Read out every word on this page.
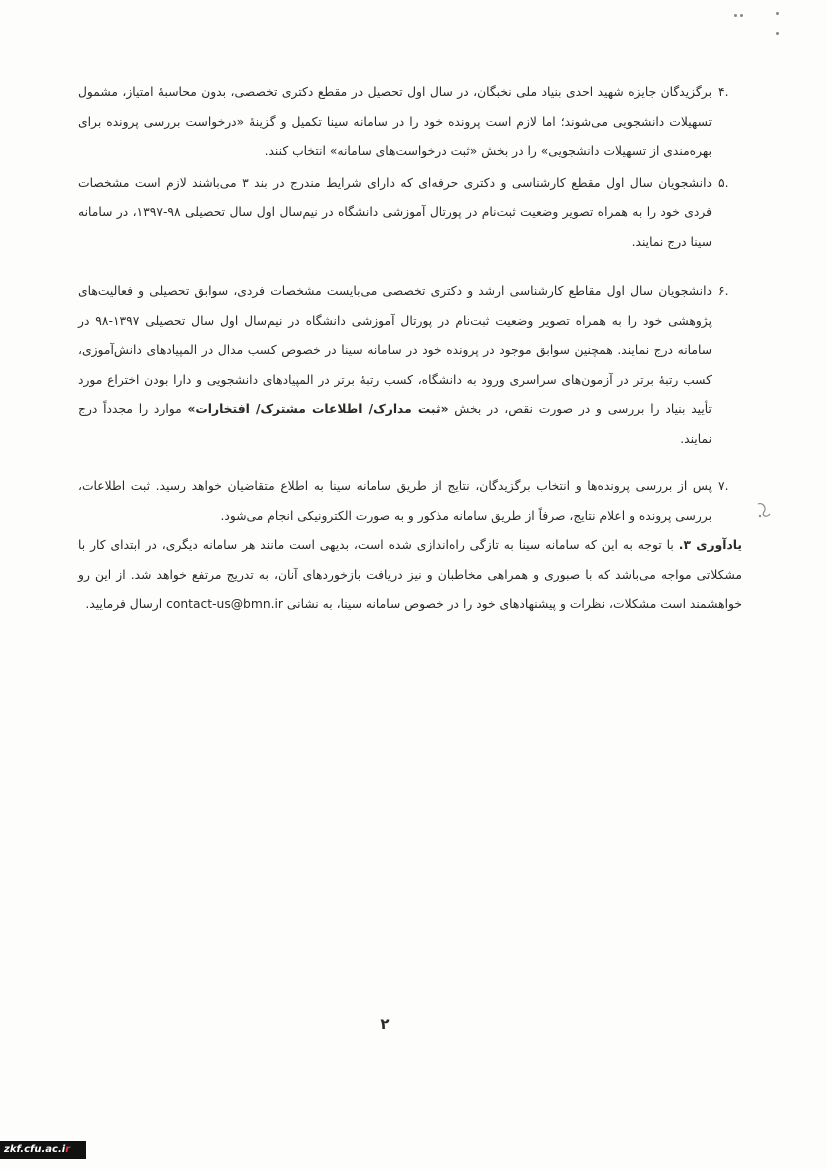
۴.

برگزیدگان جایزه شهید احدی بنیاد ملی نخبگان، در سال اول تحصیل در مقطع دکتری تخصصی، بدون محاسبۀ امتیاز، مشمول تسهیلات دانشجویی می‌شوند؛ اما لازم است پرونده خود را در سامانه سینا تکمیل و گزینۀ «درخواست بررسی پرونده برای بهره‌مندی از تسهیلات دانشجویی» را در بخش «ثبت درخواست‌های سامانه» انتخاب کنند.

۵.

دانشجویان سال اول مقطع کارشناسی و دکتری حرفه‌ای که دارای شرایط مندرج در بند ۳ می‌باشند لازم است مشخصات فردی خود را به همراه تصویر وضعیت ثبت‌نام در پورتال آموزشی دانشگاه در نیم‌سال اول سال تحصیلی ۹۸-۱۳۹۷، در سامانه سینا درج نمایند.

۶.

دانشجویان سال اول مقاطع کارشناسی ارشد و دکتری تخصصی می‌بایست مشخصات فردی، سوابق تحصیلی و فعالیت‌های پژوهشی خود را به همراه تصویر وضعیت ثبت‌نام در پورتال آموزشی دانشگاه در نیم‌سال اول سال تحصیلی ۱۳۹۷-۹۸ در سامانه درج نمایند. همچنین سوابق موجود در پرونده خود در سامانه سینا در خصوص کسب مدال در المپیادهای دانش‌آموزی، کسب رتبۀ برتر در آزمون‌های سراسری ورود به دانشگاه، کسب رتبۀ برتر در المپیادهای دانشجویی و دارا بودن اختراع مورد تأیید بنیاد را بررسی و در صورت نقص، در بخش «ثبت مدارک/ اطلاعات مشترک/ افتخارات» موارد را مجدداً درج نمایند.

۷.

پس از بررسی پرونده‌ها و انتخاب برگزیدگان، نتایج از طریق سامانه سینا به اطلاع متقاضیان خواهد رسید. ثبت اطلاعات، بررسی پرونده و اعلام نتایج، صرفاً از طریق سامانه مذکور و به صورت الکترونیکی انجام می‌شود.

یادآوری ۳. با توجه به این که سامانه سینا به تازگی راه‌اندازی شده است، بدیهی است مانند هر سامانه دیگری، در ابتدای کار با مشکلاتی مواجه می‌باشد که با صبوری و همراهی مخاطبان و نیز دریافت بازخوردهای آنان، به تدریج مرتفع خواهد شد. از این رو خواهشمند است مشکلات، نظرات و پیشنهادهای خود را در خصوص سامانه سینا، به نشانی contact-us@bmn.ir ارسال فرمایید.

۲
zkf.cfu.ac.ir
